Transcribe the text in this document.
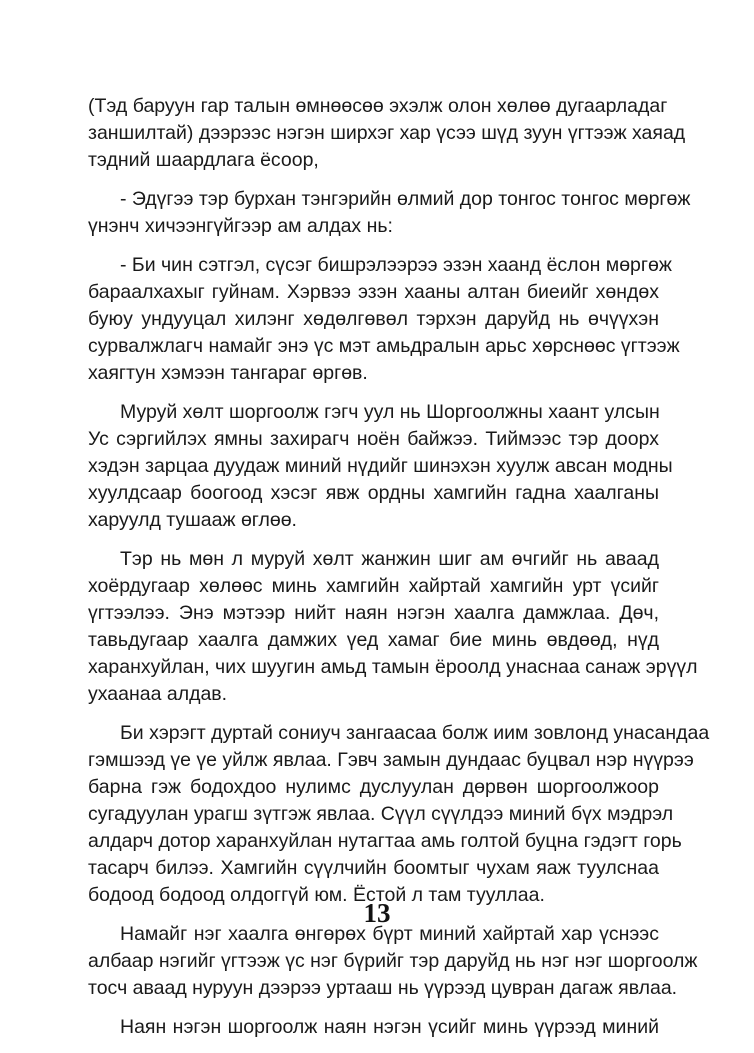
(Тэд баруун гар талын өмнөөсөө эхэлж олон хөлөө дугаарладаг
заншилтай) дээрээс нэгэн ширхэг хар үсээ шүд зуун үгтээж хаяад
тэдний шаардлага ёсоор,

- Эдүгээ тэр бурхан тэнгэрийн өлмий дор тонгос тонгос мөргөж
үнэнч хичээнгүйгээр ам алдах нь:

- Би чин сэтгэл, сүсэг бишрэлээрээ эзэн хаанд ёслон мөргөж
бараалхахыг гуйнам. Хэрвээ эзэн хааны алтан биеийг хөндөх
буюу ундууцал хилэнг хөдөлгөвөл тэрхэн даруйд нь өчүүхэн
сурвалжлагч намайг энэ үс мэт амьдралын арьс хөрснөөс үгтээж
хаягтун хэмээн тангараг өргөв.

Муруй хөлт шоргоолж гэгч уул нь Шоргоолжны хаант улсын
Ус сэргийлэх ямны захирагч ноён байжээ. Тиймээс тэр доорх
хэдэн зарцаа дуудаж миний нүдийг шинэхэн хуулж авсан модны
хуулдсаар боогоод хэсэг явж ордны хамгийн гадна хаалганы
харуулд тушааж өглөө.

Тэр нь мөн л муруй хөлт жанжин шиг ам өчгийг нь аваад
хоёрдугаар хөлөөс минь хамгийн хайртай хамгийн урт үсийг
үгтээлээ. Энэ мэтээр нийт наян нэгэн хаалга дамжлаа. Дөч,
тавьдугаар хаалга дамжих үед хамаг бие минь өвдөөд, нүд
харанхуйлан, чих шуугин амьд тамын ёроолд унаснаа санаж эрүүл
ухаанаа алдав.

Би хэрэгт дуртай сониуч зангаасаа болж иим зовлонд унасандаа
гэмшээд үе үе уйлж явлаа. Гэвч замын дундаас буцвал нэр нүүрээ
барна гэж бодохдоо нулимс дуслуулан дөрвөн шоргоолжоор
сугадуулан урагш зүтгэж явлаа. Сүүл сүүлдээ миний бүх мэдрэл
алдарч дотор харанхуйлан нутагтаа амь голтой буцна гэдэгт горь
тасарч билээ. Хамгийн сүүлчийн боомтыг чухам яаж туулснаа
бодоод бодоод олдоггүй юм. Ёстой л там тууллаа.

Намайг нэг хаалга өнгөрөх бүрт миний хайртай хар үснээс
албаар нэгийг үгтээж үс нэг бүрийг тэр даруйд нь нэг нэг шоргоолж
тосч аваад нуруун дээрээ уртааш нь үүрээд цувран дагаж явлаа.

Наян нэгэн шоргоолж наян нэгэн үсийг минь үүрээд миний

13
